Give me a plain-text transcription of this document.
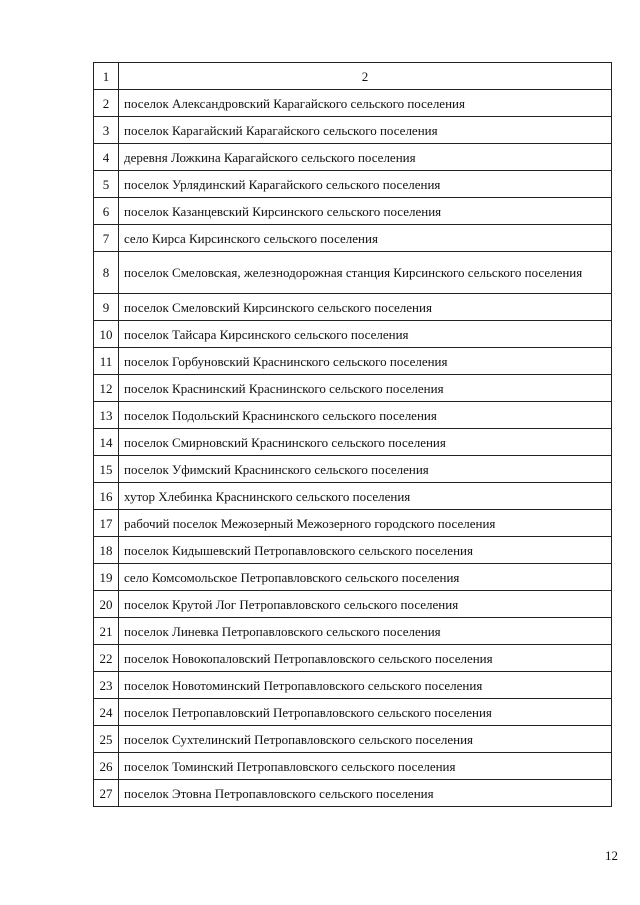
1	2
2	поселок Александровский Карагайского сельского поселения
3	поселок Карагайский Карагайского сельского поселения
4	деревня Ложкина Карагайского сельского поселения
5	поселок Урлядинский Карагайского сельского поселения
6	поселок Казанцевский Кирсинского сельского поселения
7	село Кирса Кирсинского сельского поселения
8	поселок Смеловская, железнодорожная станция Кирсинского сельского поселения
9	поселок Смеловский Кирсинского сельского поселения
10	поселок Тайсара Кирсинского сельского поселения
11	поселок Горбуновский Краснинского сельского поселения
12	поселок Краснинский Краснинского сельского поселения
13	поселок Подольский Краснинского сельского поселения
14	поселок Смирновский Краснинского сельского поселения
15	поселок Уфимский Краснинского сельского поселения
16	хутор Хлебинка Краснинского сельского поселения
17	рабочий поселок Межозерный Межозерного городского поселения
18	поселок Кидышевский Петропавловского сельского поселения
19	село Комсомольское Петропавловского сельского поселения
20	поселок Крутой Лог Петропавловского сельского поселения
21	поселок Линевка Петропавловского сельского поселения
22	поселок Новокопаловский Петропавловского сельского поселения
23	поселок Новотоминский Петропавловского сельского поселения
24	поселок Петропавловский Петропавловского сельского поселения
25	поселок Сухтелинский Петропавловского сельского поселения
26	поселок Томинский Петропавловского сельского поселения
27	поселок Этовна Петропавловского сельского поселения
12
